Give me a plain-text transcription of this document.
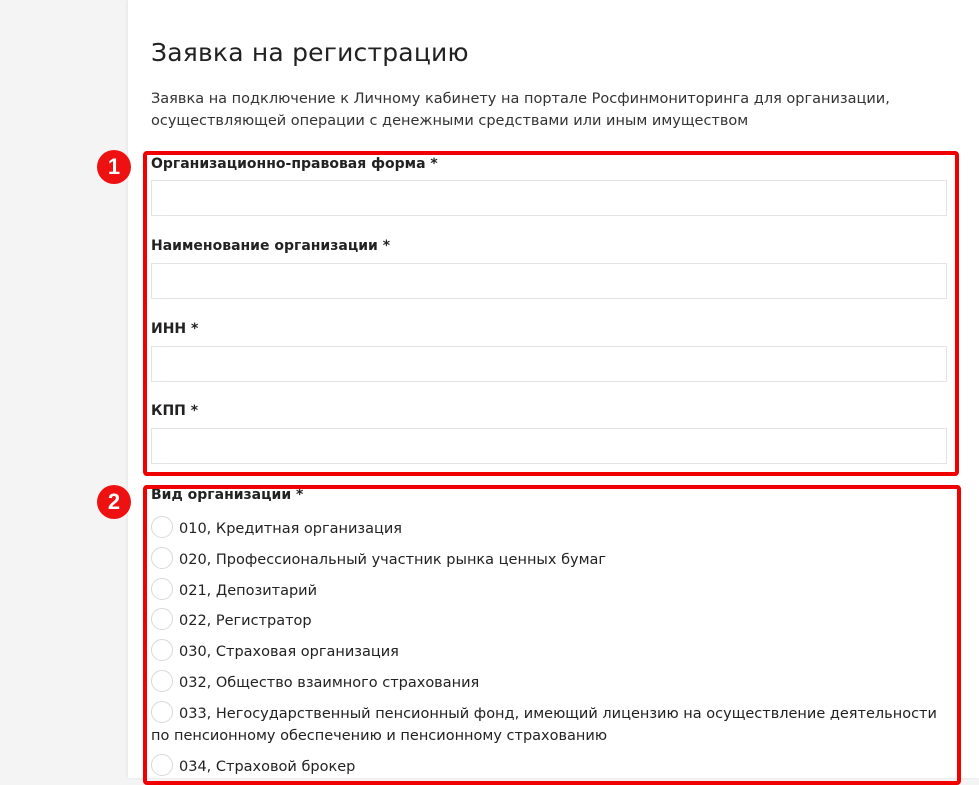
Заявка на регистрацию

Заявка на подключение к Личному кабинету на портале Росфинмониторинга для организации, осуществляющей операции с денежными средствами или иным имуществом

Организационно-правовая форма *
Наименование организации *
ИНН *
КПП *
Вид организации *
010, Кредитная организация
020, Профессиональный участник рынка ценных бумаг
021, Депозитарий
022, Регистратор
030, Страховая организация
032, Общество взаимного страхования
033, Негосударственный пенсионный фонд, имеющий лицензию на осуществление деятельности по пенсионному обеспечению и пенсионному страхованию
034, Страховой брокер
1
2
